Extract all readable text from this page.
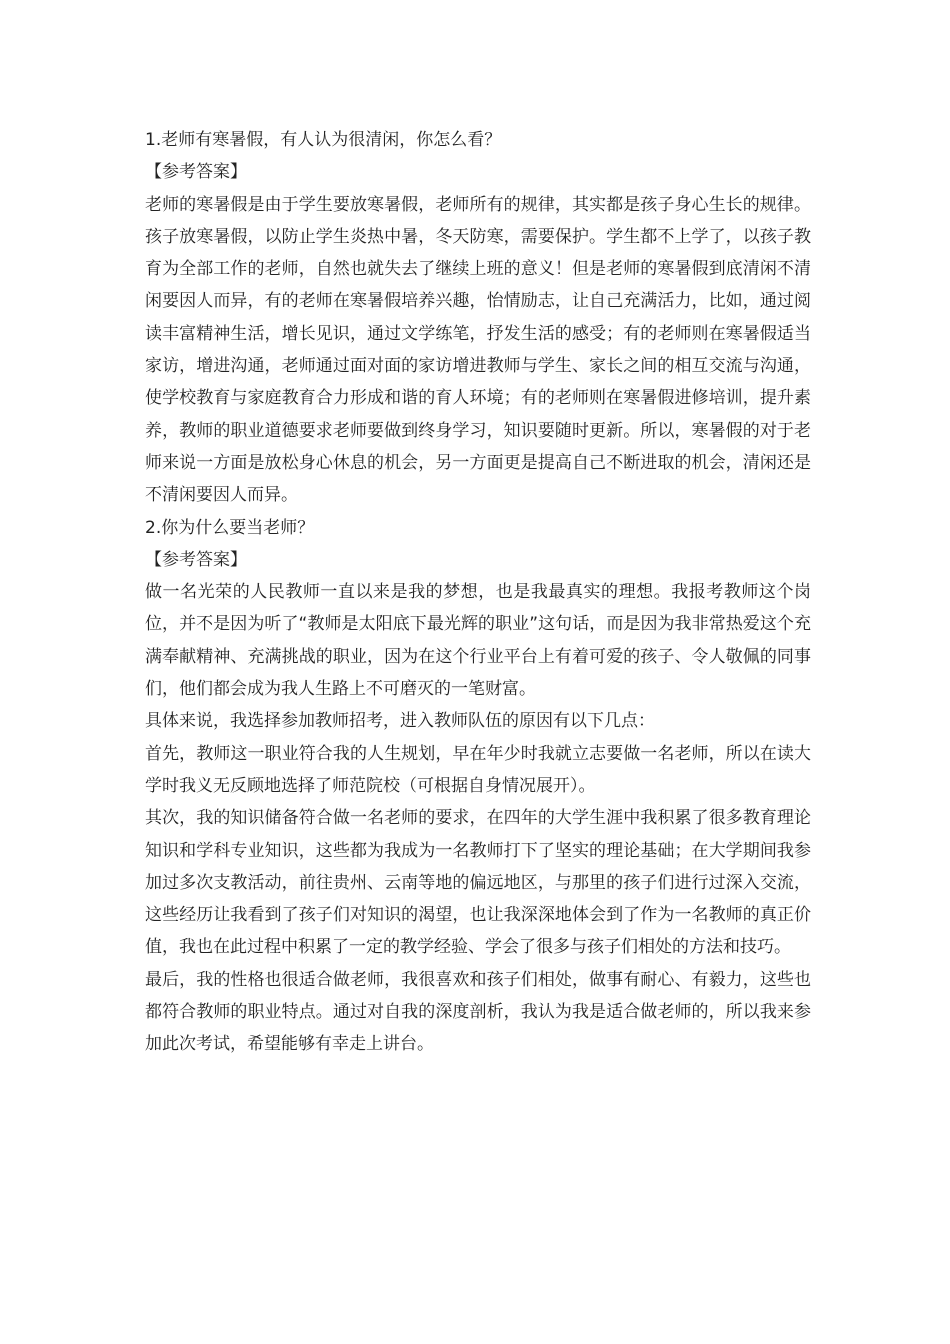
1.老师有寒暑假，有人认为很清闲，你怎么看？

【参考答案】

老师的寒暑假是由于学生要放寒暑假，老师所有的规律，其实都是孩子身心生长的规律。孩子放寒暑假，以防止学生炎热中暑，冬天防寒，需要保护。学生都不上学了，以孩子教育为全部工作的老师，自然也就失去了继续上班的意义！但是老师的寒暑假到底清闲不清闲要因人而异，有的老师在寒暑假培养兴趣，怡情励志，让自己充满活力，比如，通过阅读丰富精神生活，增长见识，通过文学练笔，抒发生活的感受；有的老师则在寒暑假适当家访，增进沟通，老师通过面对面的家访增进教师与学生、家长之间的相互交流与沟通，使学校教育与家庭教育合力形成和谐的育人环境；有的老师则在寒暑假进修培训，提升素养，教师的职业道德要求老师要做到终身学习，知识要随时更新。所以，寒暑假的对于老师来说一方面是放松身心休息的机会，另一方面更是提高自己不断进取的机会，清闲还是不清闲要因人而异。

2.你为什么要当老师？

【参考答案】

做一名光荣的人民教师一直以来是我的梦想，也是我最真实的理想。我报考教师这个岗位，并不是因为听了“教师是太阳底下最光辉的职业”这句话，而是因为我非常热爱这个充满奉献精神、充满挑战的职业，因为在这个行业平台上有着可爱的孩子、令人敬佩的同事们，他们都会成为我人生路上不可磨灭的一笔财富。

具体来说，我选择参加教师招考，进入教师队伍的原因有以下几点：

首先，教师这一职业符合我的人生规划，早在年少时我就立志要做一名老师，所以在读大学时我义无反顾地选择了师范院校（可根据自身情况展开）。

其次，我的知识储备符合做一名老师的要求，在四年的大学生涯中我积累了很多教育理论知识和学科专业知识，这些都为我成为一名教师打下了坚实的理论基础；在大学期间我参加过多次支教活动，前往贵州、云南等地的偏远地区，与那里的孩子们进行过深入交流，这些经历让我看到了孩子们对知识的渴望，也让我深深地体会到了作为一名教师的真正价值，我也在此过程中积累了一定的教学经验、学会了很多与孩子们相处的方法和技巧。

最后，我的性格也很适合做老师，我很喜欢和孩子们相处，做事有耐心、有毅力，这些也都符合教师的职业特点。通过对自我的深度剖析，我认为我是适合做老师的，所以我来参加此次考试，希望能够有幸走上讲台。
